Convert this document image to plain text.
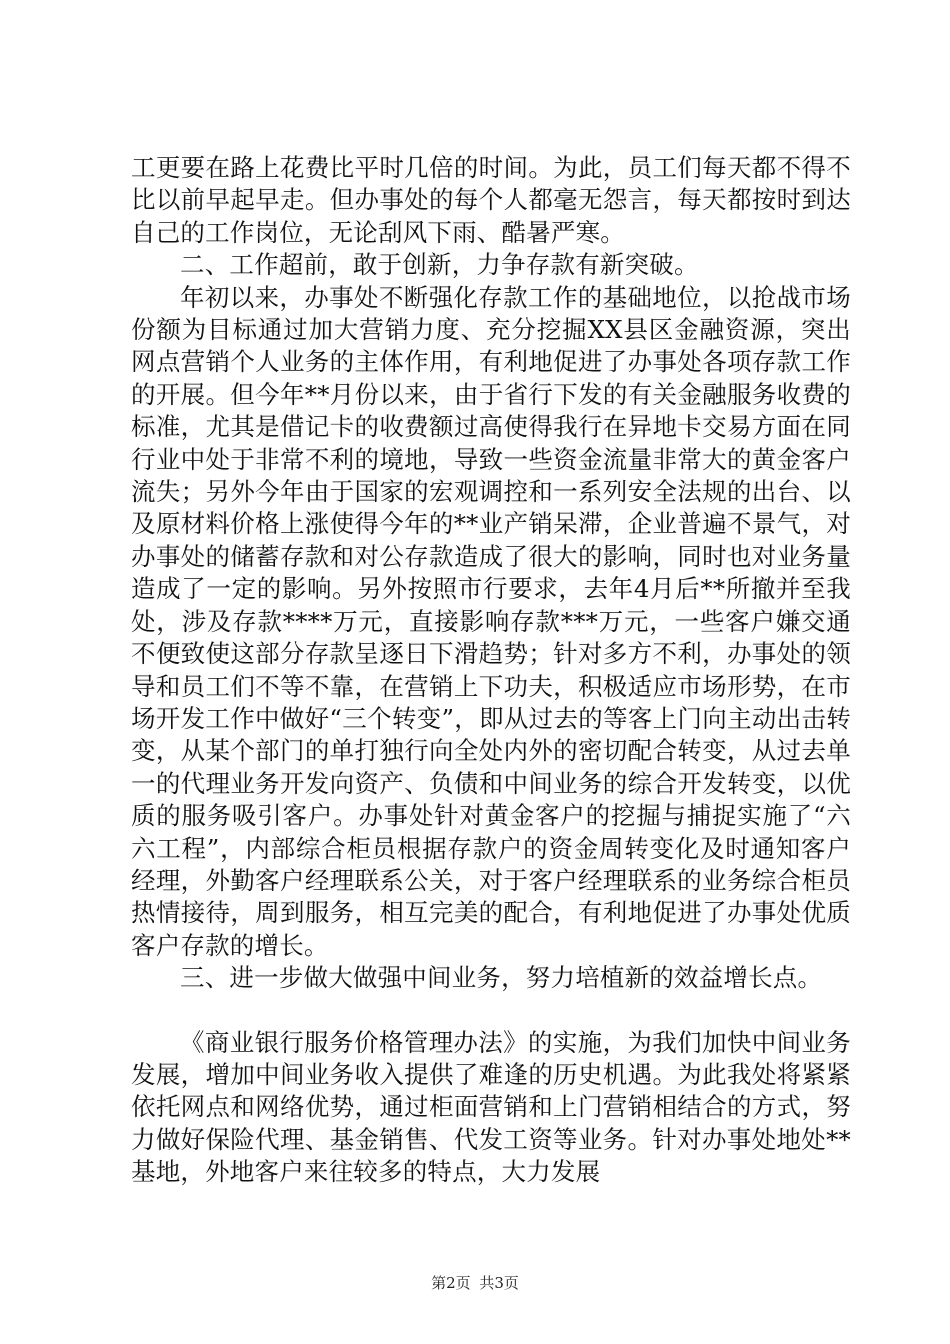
工更要在路上花费比平时几倍的时间。为此，员工们每天都不得不比以前早起早走。但办事处的每个人都毫无怨言，每天都按时到达自己的工作岗位，无论刮风下雨、酷暑严寒。

二、工作超前，敢于创新，力争存款有新突破。

年初以来，办事处不断强化存款工作的基础地位，以抢战市场份额为目标通过加大营销力度、充分挖掘XX县区金融资源，突出网点营销个人业务的主体作用，有利地促进了办事处各项存款工作的开展。但今年**月份以来，由于省行下发的有关金融服务收费的标准，尤其是借记卡的收费额过高使得我行在异地卡交易方面在同行业中处于非常不利的境地，导致一些资金流量非常大的黄金客户流失；另外今年由于国家的宏观调控和一系列安全法规的出台、以及原材料价格上涨使得今年的**业产销呆滞，企业普遍不景气，对办事处的储蓄存款和对公存款造成了很大的影响，同时也对业务量造成了一定的影响。另外按照市行要求，去年4月后**所撤并至我处，涉及存款****万元，直接影响存款***万元，一些客户嫌交通不便致使这部分存款呈逐日下滑趋势；针对多方不利，办事处的领导和员工们不等不靠，在营销上下功夫，积极适应市场形势，在市场开发工作中做好“三个转变”，即从过去的等客上门向主动出击转变，从某个部门的单打独行向全处内外的密切配合转变，从过去单一的代理业务开发向资产、负债和中间业务的综合开发转变，以优质的服务吸引客户。办事处针对黄金客户的挖掘与捕捉实施了“六六工程”，内部综合柜员根据存款户的资金周转变化及时通知客户经理，外勤客户经理联系公关，对于客户经理联系的业务综合柜员热情接待，周到服务，相互完美的配合，有利地促进了办事处优质客户存款的增长。

三、进一步做大做强中间业务，努力培植新的效益增长点。

《商业银行服务价格管理办法》的实施，为我们加快中间业务发展，增加中间业务收入提供了难逢的历史机遇。为此我处将紧紧依托网点和网络优势，通过柜面营销和上门营销相结合的方式，努力做好保险代理、基金销售、代发工资等业务。针对办事处地处**基地，外地客户来往较多的特点，大力发展

第2页 共3页
